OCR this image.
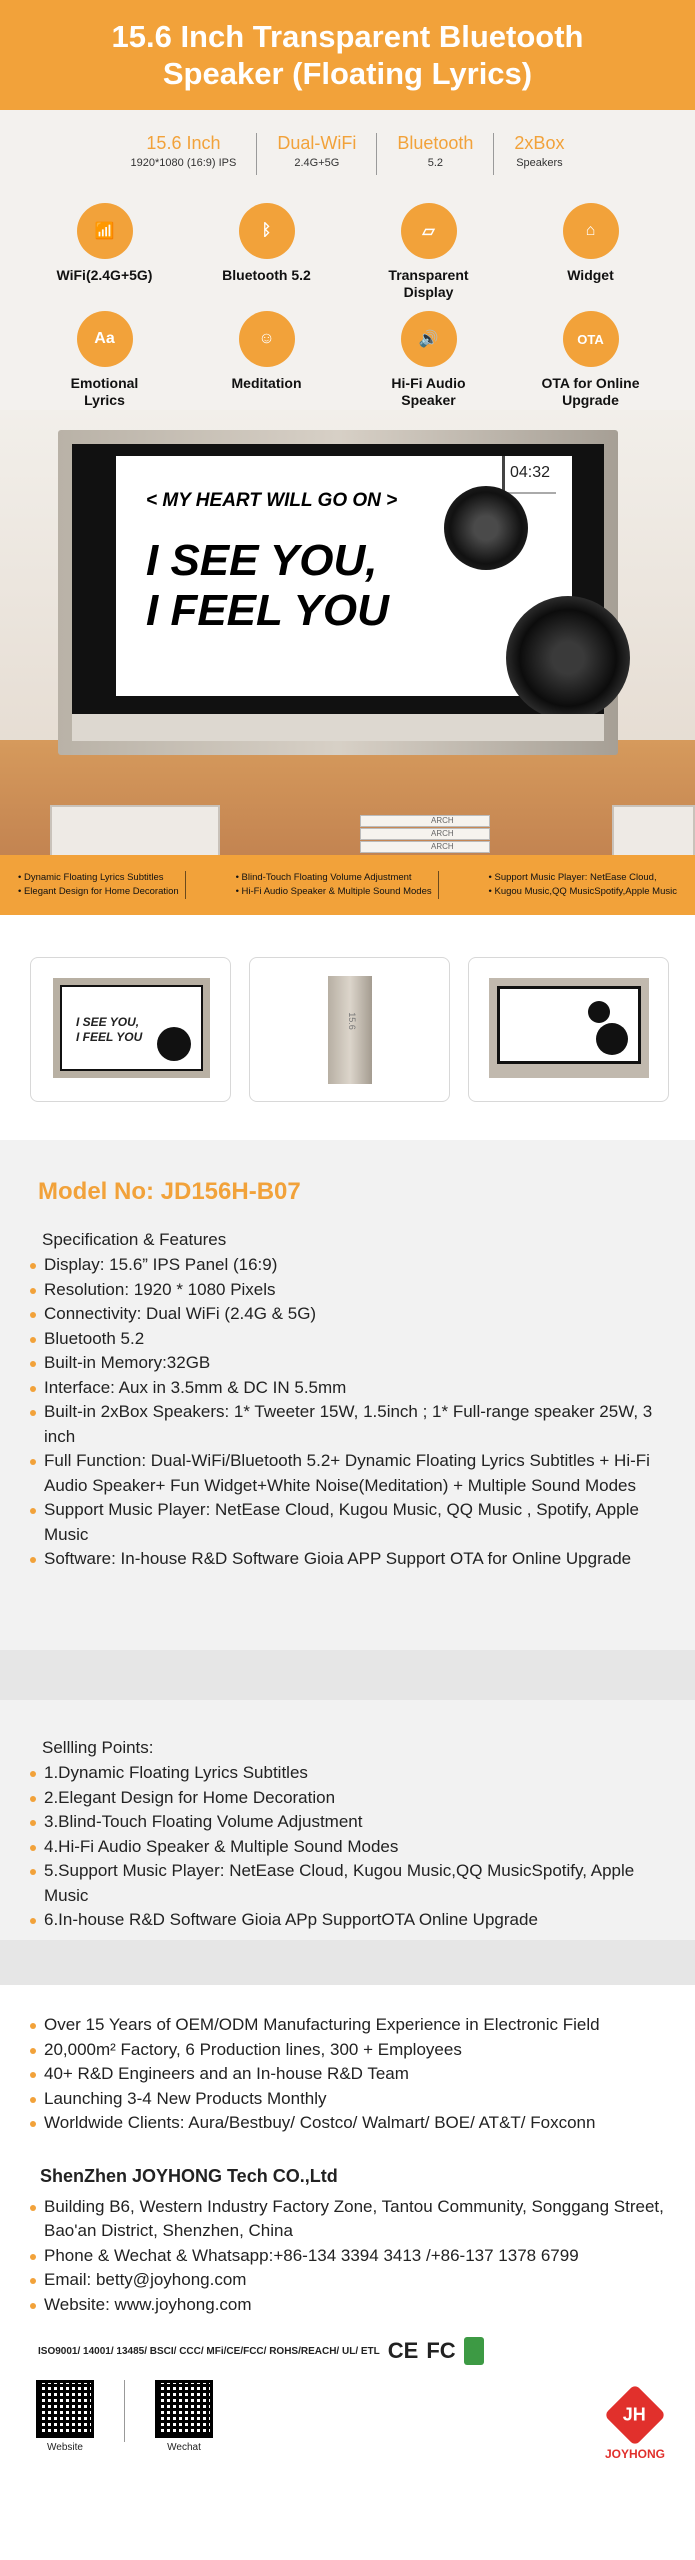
15.6 Inch Transparent Bluetooth Speaker (Floating Lyrics)
15.6 Inch
1920*1080 (16:9) IPS
Dual-WiFi
2.4G+5G
Bluetooth
5.2
2xBox
Speakers
📶
WiFi(2.4G+5G)
ᛒ
Bluetooth 5.2
▱
Transparent Display
⌂
Widget
Aa
Emotional Lyrics
☺
Meditation
🔊
Hi-Fi Audio Speaker
OTA
OTA for Online Upgrade
ARCH
ARCH
ARCH
< MY HEART WILL GO ON >
I SEE YOU,
I FEEL YOU
04:32
• Dynamic Floating Lyrics Subtitles
• Elegant Design for Home Decoration
• Blind-Touch Floating Volume Adjustment
• Hi-Fi Audio Speaker & Multiple Sound Modes
• Support Music Player: NetEase Cloud,
• Kugou Music,QQ MusicSpotify,Apple Music
I SEE YOU,
I FEEL YOU
15.6
Model No: JD156H-B07
Specification & Features
Display: 15.6” IPS Panel (16:9)
Resolution: 1920 * 1080 Pixels
Connectivity: Dual WiFi (2.4G & 5G)
Bluetooth 5.2
Built-in Memory:32GB
Interface: Aux in 3.5mm & DC IN 5.5mm
Built-in 2xBox Speakers: 1* Tweeter 15W, 1.5inch ; 1* Full-range speaker 25W, 3 inch
Full Function: Dual-WiFi/Bluetooth 5.2+ Dynamic Floating Lyrics Subtitles + Hi-Fi Audio Speaker+ Fun Widget+White Noise(Meditation) + Multiple Sound Modes
Support Music Player: NetEase Cloud, Kugou Music, QQ Music , Spotify, Apple Music
Software: In-house R&D Software Gioia APP Support OTA for Online Upgrade
Sellling Points:
1.Dynamic Floating Lyrics Subtitles
2.Elegant Design for Home Decoration
3.Blind-Touch Floating Volume Adjustment
4.Hi-Fi Audio Speaker & Multiple Sound Modes
5.Support Music Player: NetEase Cloud, Kugou Music,QQ MusicSpotify, Apple Music
6.In-house R&D Software Gioia APp SupportOTA Online Upgrade
Over 15 Years of OEM/ODM Manufacturing Experience in Electronic Field
20,000m² Factory, 6 Production lines, 300 + Employees
40+ R&D Engineers and an In-house R&D Team
Launching 3-4 New Products Monthly
Worldwide Clients: Aura/Bestbuy/ Costco/ Walmart/ BOE/ AT&T/ Foxconn
ShenZhen JOYHONG Tech CO.,Ltd
Building B6, Western Industry Factory Zone, Tantou Community, Songgang Street, Bao'an District, Shenzhen, China
Phone & Wechat & Whatsapp:+86-134 3394 3413 /+86-137 1378 6799
Email: betty@joyhong.com
Website: www.joyhong.com
ISO9001/ 14001/ 13485/ BSCI/ CCC/ MFi/CE/FCC/ ROHS/REACH/ UL/ ETL CE FC
Website	Wechat
JH
JOYHONG
